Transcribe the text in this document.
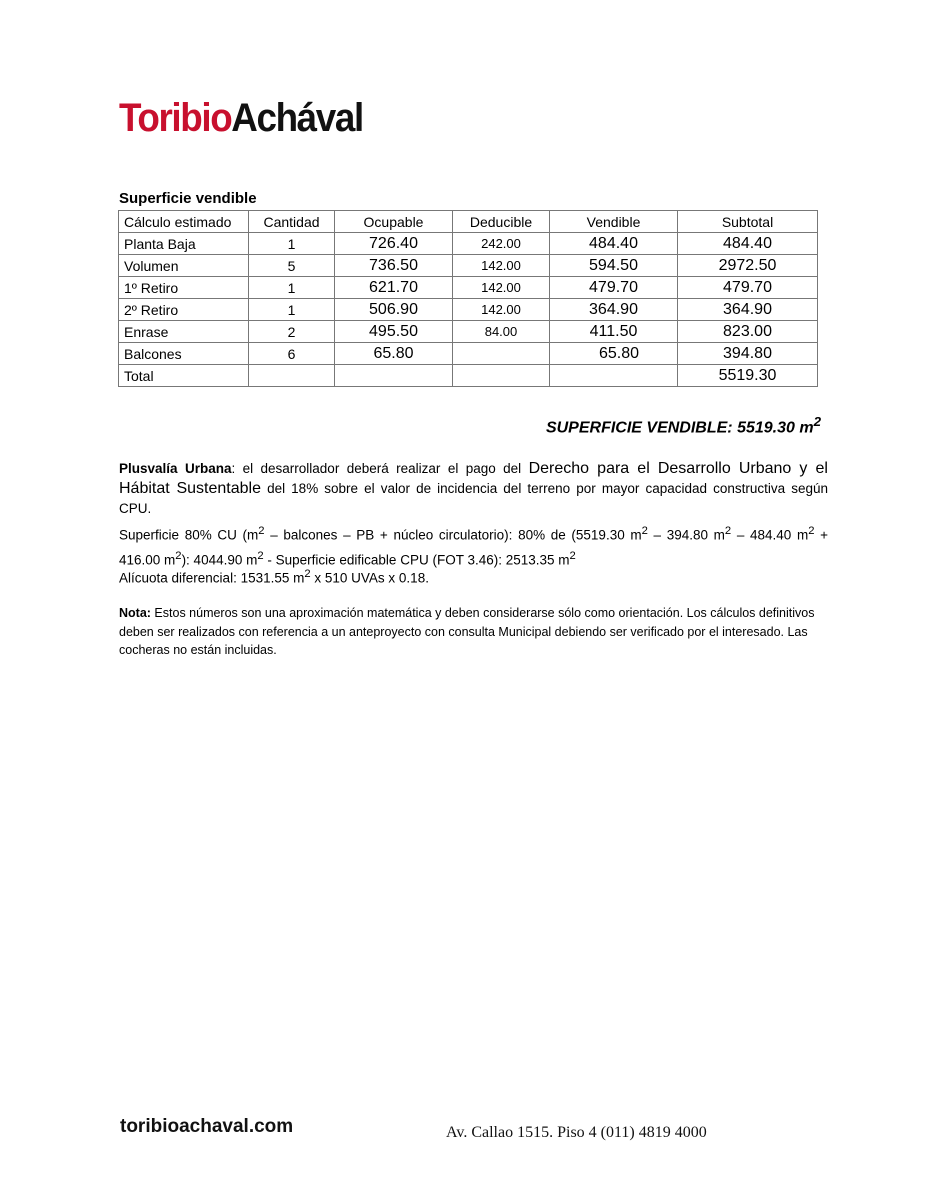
ToribioAchával
Superficie vendible
Cálculo estimado	Cantidad	Ocupable	Deducible	Vendible	Subtotal
Planta Baja	1	726.40	242.00	484.40	484.40
Volumen	5	736.50	142.00	594.50	2972.50
1º Retiro	1	621.70	142.00	479.70	479.70
2º Retiro	1	506.90	142.00	364.90	364.90
Enrase	2	495.50	84.00	411.50	823.00
Balcones	6	65.80		65.80	394.80
Total					5519.30
SUPERFICIE VENDIBLE: 5519.30 $m^2$
Plusvalía Urbana: el desarrollador deberá realizar el pago del Derecho para el Desarrollo Urbano y el Hábitat Sustentable del 18% sobre el valor de incidencia del terreno por mayor capacidad constructiva según CPU.
Superficie 80% CU ($m^2$ – balcones – PB + núcleo circulatorio): 80% de (5519.30 $m^2 - 394.80$ $m^2 - 484.40$ $m^2 + 416.00$ $m^2$): 4044.90 $m^2$ - Superficie edificable CPU (FOT 3.46): 2513.35 $m^2$
Alícuota diferencial: 1531.55 $m^2$ x 510 UVAs x 0.18.
Nota: Estos números son una aproximación matemática y deben considerarse sólo como orientación. Los cálculos definitivos deben ser realizados con referencia a un anteproyecto con consulta Municipal debiendo ser verificado por el interesado. Las cocheras no están incluidas.
toribioachaval.com	Av. Callao 1515. Piso 4 (011) 4819 4000
